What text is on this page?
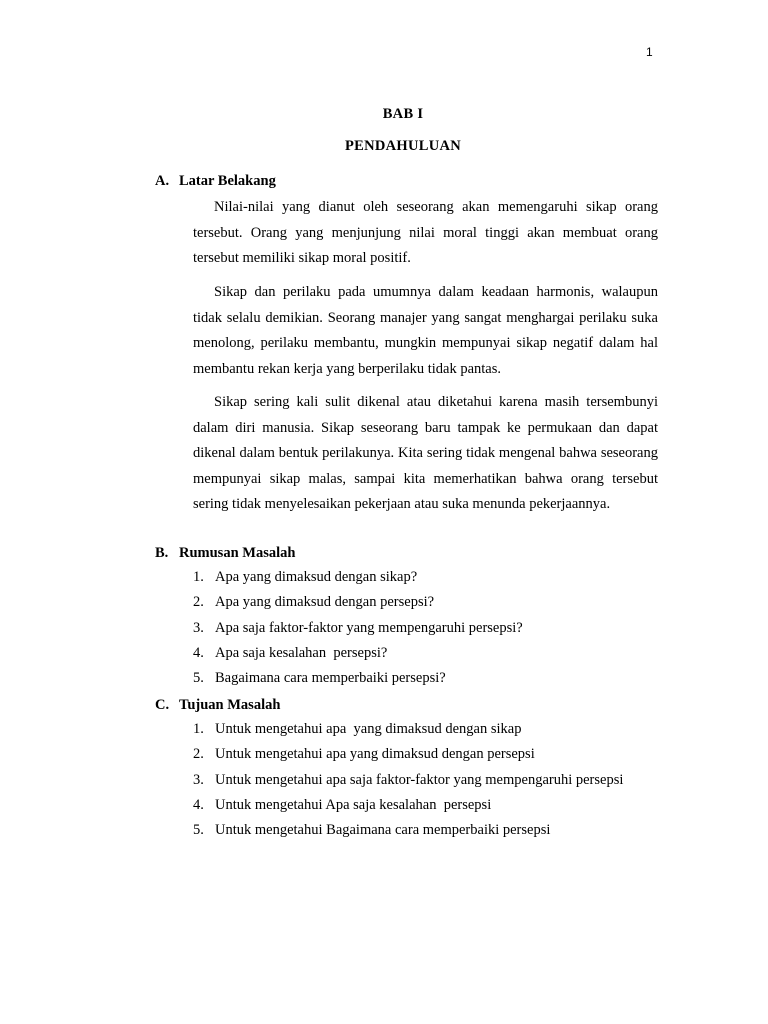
1
BAB I
PENDAHULUAN
A. Latar Belakang

Nilai-nilai yang dianut oleh seseorang akan memengaruhi sikap orang tersebut. Orang yang menjunjung nilai moral tinggi akan membuat orang tersebut memiliki sikap moral positif.

Sikap dan perilaku pada umumnya dalam keadaan harmonis, walaupun tidak selalu demikian. Seorang manajer yang sangat menghargai perilaku suka menolong, perilaku membantu, mungkin mempunyai sikap negatif dalam hal membantu rekan kerja yang berperilaku tidak pantas.

Sikap sering kali sulit dikenal atau diketahui karena masih tersembunyi dalam diri manusia. Sikap seseorang baru tampak ke permukaan dan dapat dikenal dalam bentuk perilakunya. Kita sering tidak mengenal bahwa seseorang mempunyai sikap malas, sampai kita memerhatikan bahwa orang tersebut sering tidak menyelesaikan pekerjaan atau suka menunda pekerjaannya.

B. Rumusan Masalah
1. Apa yang dimaksud dengan sikap?
2. Apa yang dimaksud dengan persepsi?
3. Apa saja faktor-faktor yang mempengaruhi persepsi?
4. Apa saja kesalahan  persepsi?
5. Bagaimana cara memperbaiki persepsi?
C. Tujuan Masalah
1. Untuk mengetahui apa  yang dimaksud dengan sikap
2. Untuk mengetahui apa yang dimaksud dengan persepsi
3. Untuk mengetahui apa saja faktor-faktor yang mempengaruhi persepsi
4. Untuk mengetahui Apa saja kesalahan  persepsi
5. Untuk mengetahui Bagaimana cara memperbaiki persepsi
